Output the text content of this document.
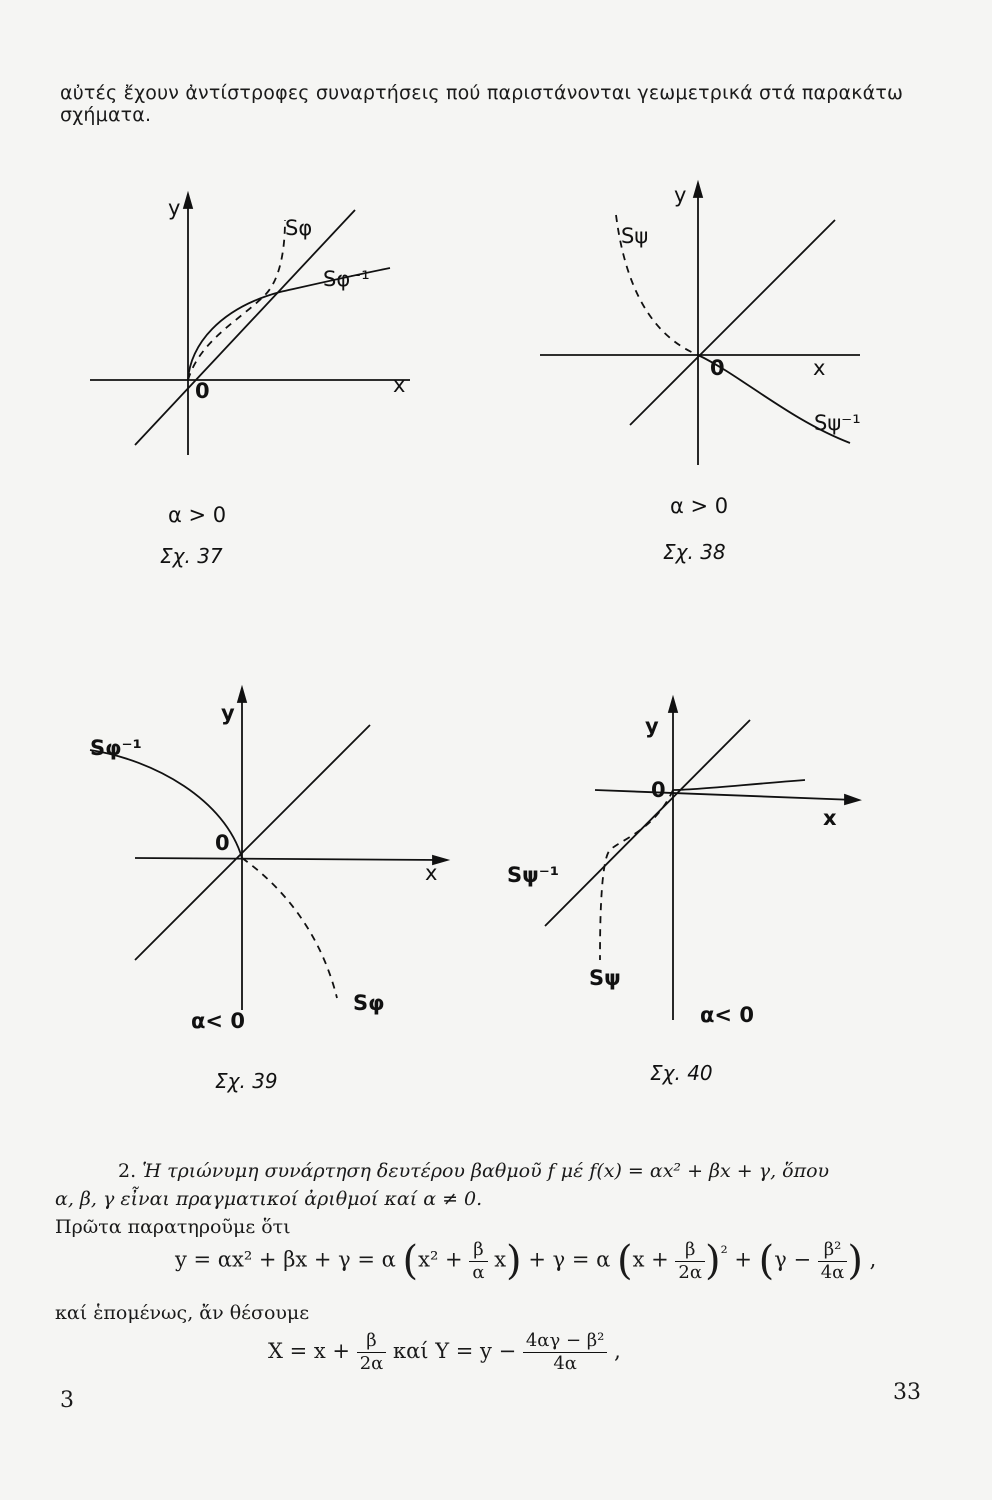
αὐτές ἔχουν ἀντίστροφες συναρτήσεις πού παριστάνονται γεωμετρικά στά παρακάτω σχήματα.
y
x
0
Sφ
Sφ⁻¹
α > 0
Σχ. 37
y
x
0
Sψ
Sψ⁻¹
α > 0
Σχ. 38
y
x
0
Sφ⁻¹
Sφ
α< 0
Σχ. 39
y
x
0
Sψ⁻¹
Sψ
α< 0
Σχ. 40
2. Ἡ τριώνυμη συνάρτηση δευτέρου βαθμοῦ f μέ f(x) = αx² + βx + γ, ὅπου
α, β, γ εἶναι πραγματικοί ἀριθμοί καί α ≠ 0.
Πρῶτα παρατηροῦμε ὅτι
y = αx² + βx + γ = α $(x^2 + \frac{\beta}{\alpha} x) + \gamma = \alpha$ $(x + \frac{\beta}{2\alpha} )^{^2} + (\gamma - \frac{\text{β²}}{4\alpha}$ ) ,
καί ἑπομένως, ἄν θέσουμε
$X = x + \frac{\beta}{2\alpha}$ καί $Y = y - \frac{\text{4αγ − β²}}{4\alpha}$ ,
3	33
